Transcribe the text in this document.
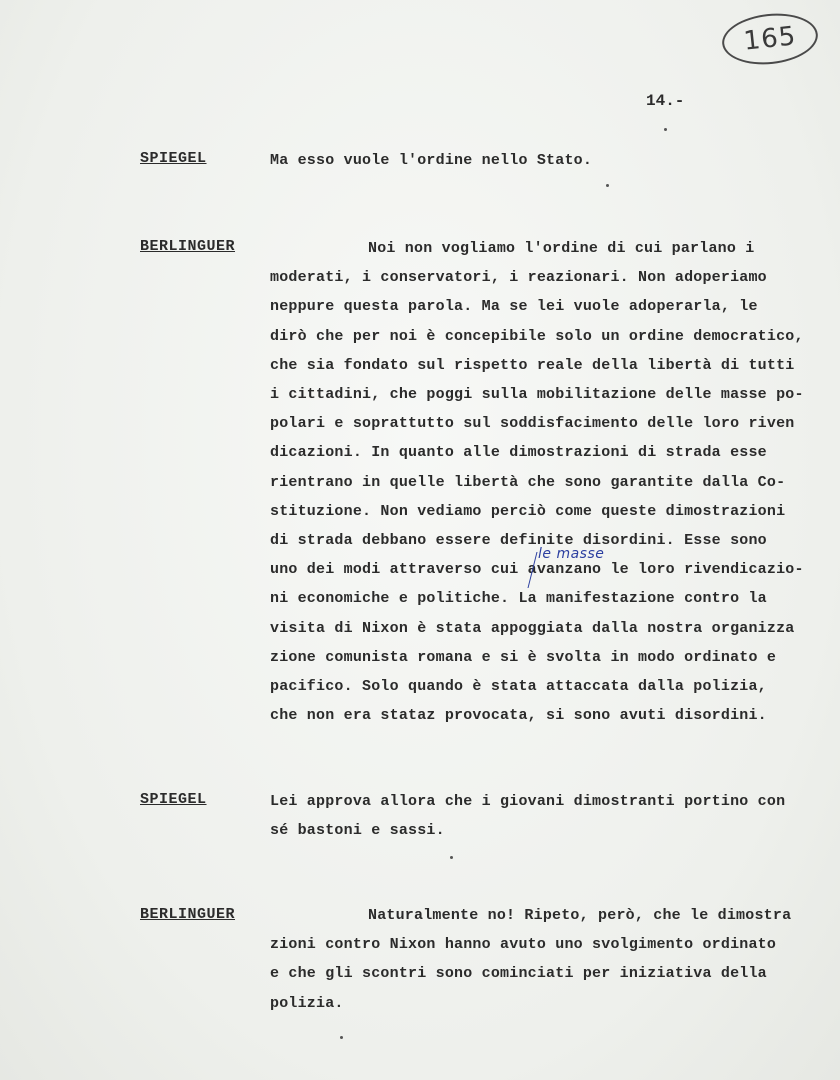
165
14.-
SPIEGEL	Ma esso vuole l'ordine nello Stato.
BERLINGUER	Noi non vogliamo l'ordine di cui parlano i
moderati, i conservatori, i reazionari. Non adoperiamo
neppure questa parola. Ma se lei vuole adoperarla, le
dirò che per noi è concepibile solo un ordine democratico,
che sia fondato sul rispetto reale della libertà di tutti
i cittadini, che poggi sulla mobilitazione delle masse po-
polari e soprattutto sul soddisfacimento delle loro riven
dicazioni. In quanto alle dimostrazioni di strada esse
rientrano in quelle libertà che sono garantite dalla Co-
stituzione. Non vediamo perciò come queste dimostrazioni
di strada debbano essere definite disordini. Esse sono
uno dei modi attraverso cui avanzano le loro rivendicazio-
ni economiche e politiche. La manifestazione contro la
visita di Nixon è stata appoggiata dalla nostra organizza
zione comunista romana e si è svolta in modo ordinato e
pacifico. Solo quando è stata attaccata dalla polizia,
che non era stataz provocata, si sono avuti disordini.
le masse
SPIEGEL	Lei approva allora che i giovani dimostranti portino con
sé bastoni e sassi.
BERLINGUER	Naturalmente no! Ripeto, però, che le dimostra
zioni contro Nixon hanno avuto uno svolgimento ordinato
e che gli scontri sono cominciati per iniziativa della
polizia.
